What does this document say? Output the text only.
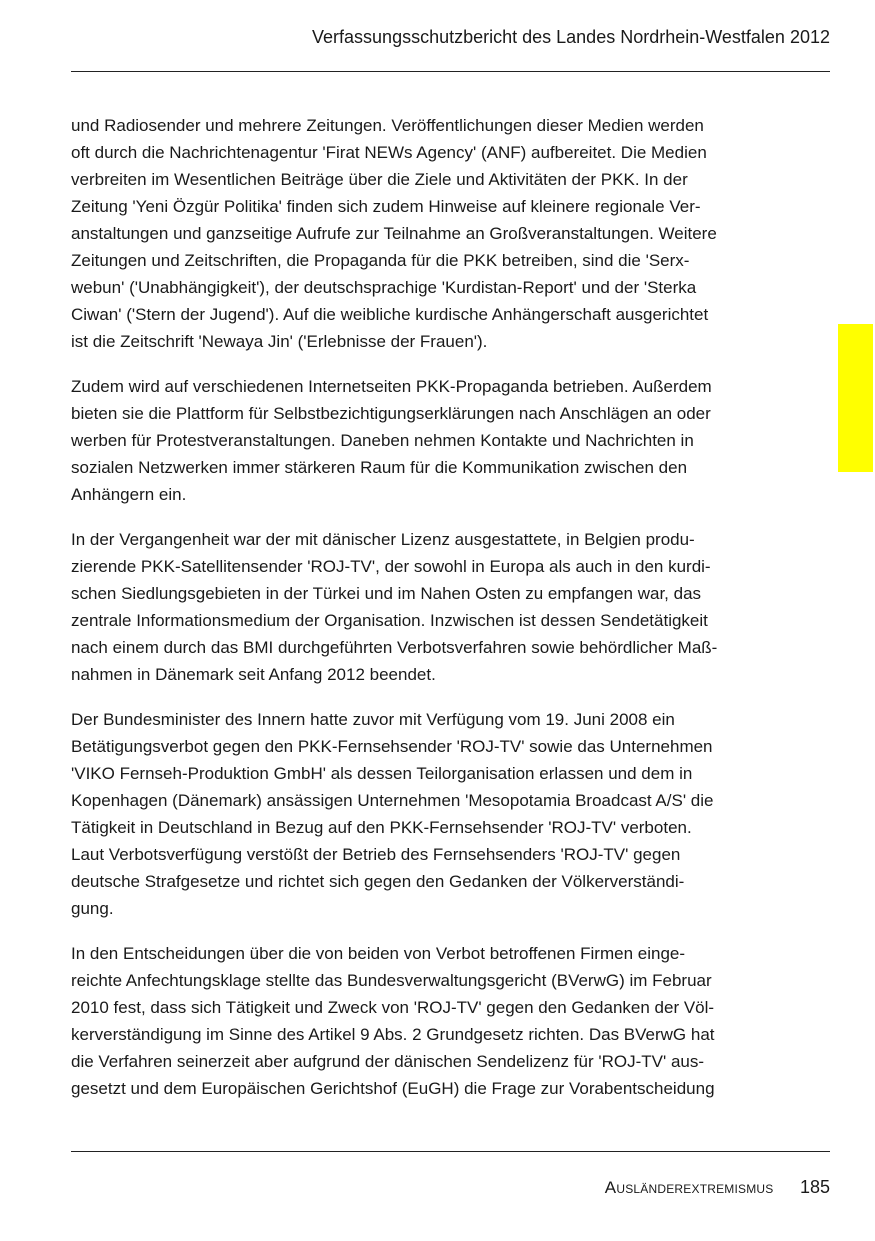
Verfassungsschutzbericht des Landes Nordrhein-Westfalen 2012

und Radiosender und mehrere Zeitungen. Veröffentlichungen dieser Medien werden
oft durch die Nachrichtenagentur 'Firat NEWs Agency' (ANF) aufbereitet. Die Medien
verbreiten im Wesentlichen Beiträge über die Ziele und Aktivitäten der PKK. In der
Zeitung 'Yeni Özgür Politika' finden sich zudem Hinweise auf kleinere regionale Ver-
anstaltungen und ganzseitige Aufrufe zur Teilnahme an Großveranstaltungen. Weitere
Zeitungen und Zeitschriften, die Propaganda für die PKK betreiben, sind die 'Serx-
webun' ('Unabhängigkeit'), der deutschsprachige 'Kurdistan-Report' und der 'Sterka
Ciwan' ('Stern der Jugend'). Auf die weibliche kurdische Anhängerschaft ausgerichtet
ist die Zeitschrift 'Newaya Jin' ('Erlebnisse der Frauen').

Zudem wird auf verschiedenen Internetseiten PKK-Propaganda betrieben. Außerdem
bieten sie die Plattform für Selbstbezichtigungserklärungen nach Anschlägen an oder
werben für Protestveranstaltungen. Daneben nehmen Kontakte und Nachrichten in
sozialen Netzwerken immer stärkeren Raum für die Kommunikation zwischen den
Anhängern ein.

In der Vergangenheit war der mit dänischer Lizenz ausgestattete, in Belgien produ-
zierende PKK-Satellitensender 'ROJ-TV', der sowohl in Europa als auch in den kurdi-
schen Siedlungsgebieten in der Türkei und im Nahen Osten zu empfangen war, das
zentrale Informationsmedium der Organisation. Inzwischen ist dessen Sendetätigkeit
nach einem durch das BMI durchgeführten Verbotsverfahren sowie behördlicher Maß-
nahmen in Dänemark seit Anfang 2012 beendet.

Der Bundesminister des Innern hatte zuvor mit Verfügung vom 19. Juni 2008 ein
Betätigungsverbot gegen den PKK-Fernsehsender 'ROJ-TV' sowie das Unternehmen
'VIKO Fernseh-Produktion GmbH' als dessen Teilorganisation erlassen und dem in
Kopenhagen (Dänemark) ansässigen Unternehmen 'Mesopotamia Broadcast A/S' die
Tätigkeit in Deutschland in Bezug auf den PKK-Fernsehsender 'ROJ-TV' verboten.
Laut Verbotsverfügung verstößt der Betrieb des Fernsehsenders 'ROJ-TV' gegen
deutsche Strafgesetze und richtet sich gegen den Gedanken der Völkerverständi-
gung.

In den Entscheidungen über die von beiden von Verbot betroffenen Firmen einge-
reichte Anfechtungsklage stellte das Bundesverwaltungsgericht (BVerwG) im Februar
2010 fest, dass sich Tätigkeit und Zweck von 'ROJ-TV' gegen den Gedanken der Völ-
kerverständigung im Sinne des Artikel 9 Abs. 2 Grundgesetz richten. Das BVerwG hat
die Verfahren seinerzeit aber aufgrund der dänischen Sendelizenz für 'ROJ-TV' aus-
gesetzt und dem Europäischen Gerichtshof (EuGH) die Frage zur Vorabentscheidung

Ausländerextremismus 185
